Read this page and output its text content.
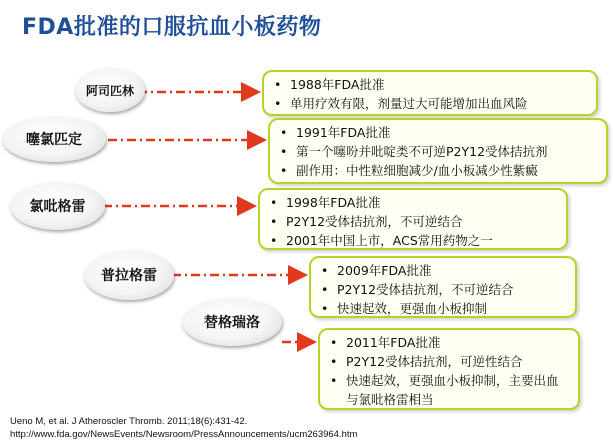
FDA批准的口服抗血小板药物
阿司匹林
噻氯匹定
氯吡格雷
普拉格雷
替格瑞洛
• 1988年FDA批准
• 单用疗效有限，剂量过大可能增加出血风险
• 1991年FDA批准
• 第一个噻吩并吡啶类不可逆P2Y12受体拮抗剂
• 副作用：中性粒细胞减少/血小板减少性紫癜
• 1998年FDA批准
• P2Y12受体拮抗剂，不可逆结合
• 2001年中国上市，ACS常用药物之一
• 2009年FDA批准
• P2Y12受体拮抗剂，不可逆结合
• 快速起效，更强血小板抑制
• 2011年FDA批准
• P2Y12受体拮抗剂，可逆性结合
• 快速起效，更强血小板抑制，主要出血与氯吡格雷相当
Ueno M, et al. J Atheroscler Thromb. 2011;18(6):431-42.
http://www.fda.gov/NewsEvents/Newsroom/PressAnnouncements/ucm263964.htm
